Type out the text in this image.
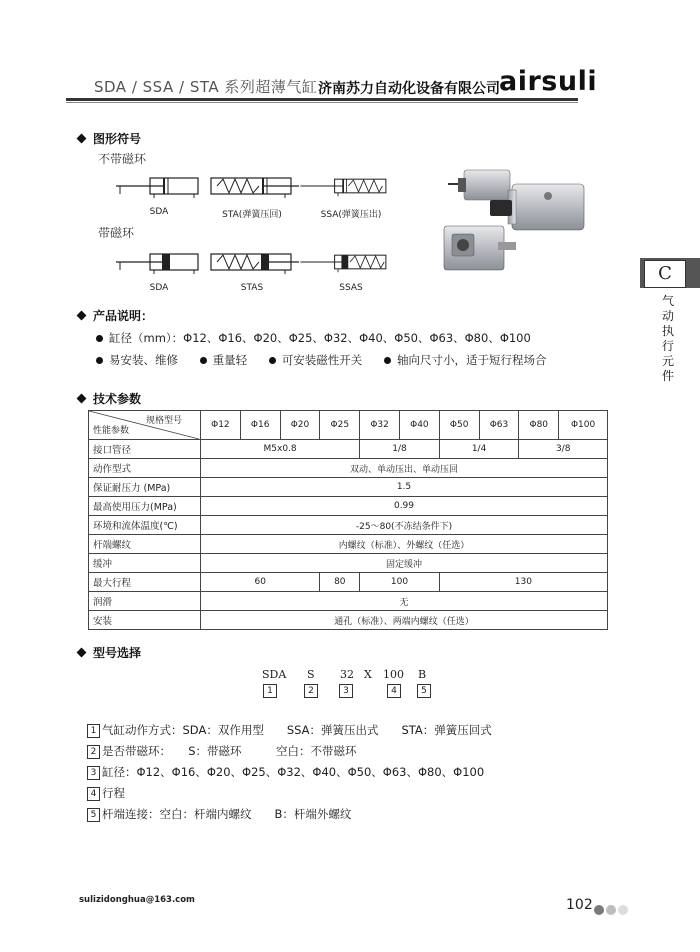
SDA / SSA / STA 系列超薄气缸 济南苏力自动化设备有限公司 airsuli
C
气动执行元件
图形符号
不带磁环
SDA	STA(弹簧压回)	SSA(弹簧压出)
带磁环
SDA	STAS	SSAS
产品说明：
缸径（mm）：Φ12、Φ16、Φ20、Φ25、Φ32、Φ40、Φ50、Φ63、Φ80、Φ100
易安装、维修	重量轻	可安装磁性开关	轴向尺寸小，适于短行程场合
技术参数
规格型号
性能参数	Φ12	Φ16	Φ20	Φ25	Φ32	Φ40	Φ50	Φ63	Φ80	Φ100
接口管径	M5x0.8				1/8		1/4		3/8	
动作型式	双动、单动压出、单动压回									
保证耐压力 (MPa)	1.5									
最高使用压力(MPa)	0.99									
环境和流体温度(℃)	-25～80(不冻结条件下)									
杆端螺纹	内螺纹（标准）、外螺纹（任选）									
缓冲	固定缓冲									
最大行程	60			80	100		130			
润滑	无									
安装	通孔（标准）、两端内螺纹（任选）									
型号选择
SDA S 32 X 100 B
1	2	3	4	5
1 气缸动作方式：SDA：双作用型　　SSA：弹簧压出式　　STA：弹簧压回式
2 是否带磁环：　　S：带磁环　　　空白：不带磁环
3 缸径：Φ12、Φ16、Φ20、Φ25、Φ32、Φ40、Φ50、Φ63、Φ80、Φ100
4 行程
5 杆端连接：空白：杆端内螺纹　　B：杆端外螺纹
sulizidonghua@163.com	102
